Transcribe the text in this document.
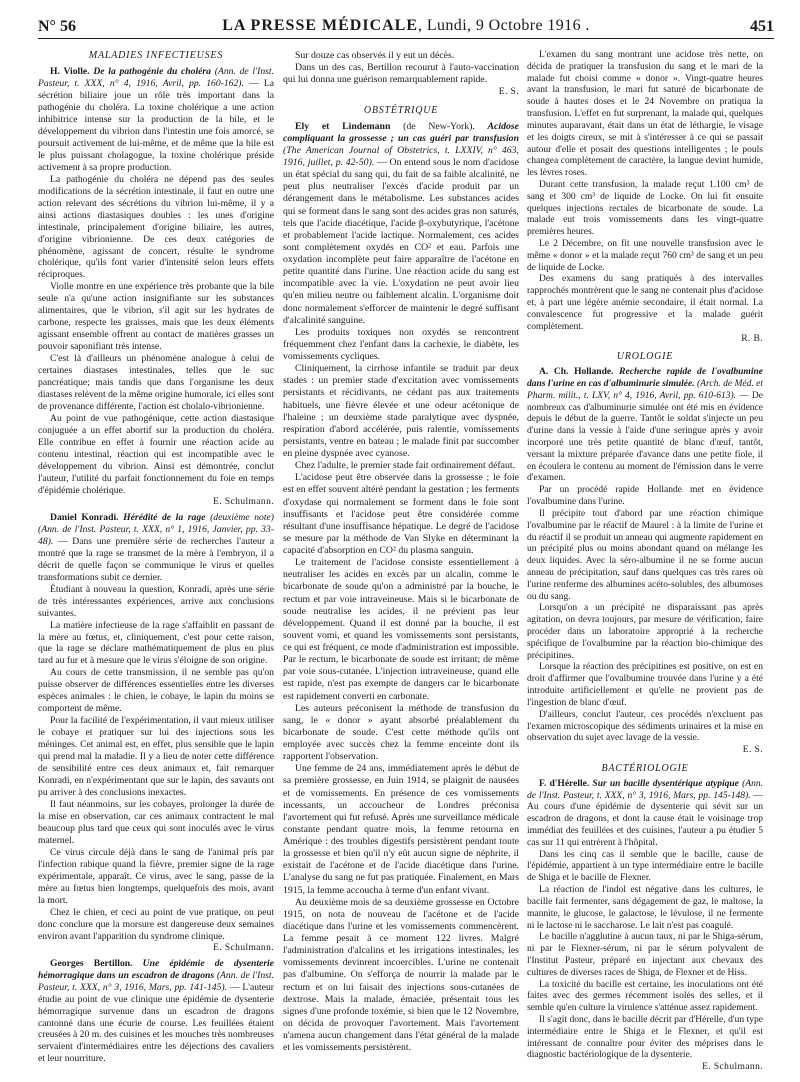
N° 56	LA PRESSE MÉDICALE, Lundi, 9 Octobre 1916 .	451
MALADIES INFECTIEUSES

H. Violle. De la pathogénie du choléra (Ann. de l'Inst. Pasteur, t. XXX, n° 4, 1916, Avril, pp. 160-162). — La sécrétion biliaire joue un rôle très important dans la pathogénie du choléra. La toxine cholérique a une action inhibitrice intense sur la production de la bile, et le développement du vibrion dans l'intestin une fois amorcé, se poursuit activement de lui-même, et de même que la bile est le plus puissant cholagogue, la toxine cholérique préside activement à sa propre production.

La pathogénie du choléra ne dépend pas des seules modifications de la sécrétion intestinale, il faut en outre une action relevant des sécrétions du vibrion lui-même, il y a ainsi actions diastasiques doubles : les unes d'origine intestinale, principalement d'origine biliaire, les autres, d'origine vibrionienne. De ces deux catégories de phénomène, agissant de concert, résulte le syndrome cholérique, qu'ils font varier d'intensité selon leurs effets réciproques.

Violle montre en une expérience très probante que la bile seule n'a qu'une action insignifiante sur les substances alimentaires, que le vibrion, s'il agit sur les hydrates de carbone, respecte les graisses, mais que les deux éléments agissant ensemble offrent au contact de matières grasses un pouvoir saponifiant très intense.

C'est là d'ailleurs un phénomène analogue à celui de certaines diastases intestinales, telles que le suc pancréatique; mais tandis que dans l'organisme les deux diastases relèvent de la même origine humorale, ici elles sont de provenance différente, l'action est cholalo-vibrionienne.

Au point de vue pathogénique, cette action diastasique conjuguée a un effet abortif sur la production du choléra. Elle contribue en effet à fournir une réaction acide au contenu intestinal, réaction qui est incompatible avec le développement du vibrion. Ainsi est démontrée, conclut l'auteur, l'utilité du parfait fonctionnement du foie en temps d'épidémie cholérique.

E. Schulmann.

Daniel Konradi. Hérédité de la rage (deuxième note) (Ann. de l'Inst. Pasteur, t. XXX, n° 1, 1916, Janvier, pp. 33-48). — Dans une première série de recherches l'auteur a montré que la rage se transmet de la mère à l'embryon, il a décrit de quelle façon se communique le virus et quelles transformations subit ce dernier.

Étudiant à nouveau la question, Konradi, après une série de très intéressantes expériences, arrive aux conclusions suivantes.

La matière infectieuse de la rage s'affaiblit en passant de la mère au fœtus, et, cliniquement, c'est pour cette raison, que la rage se déclare mathématiquement de plus en plus tard au fur et à mesure que le virus s'éloigne de son origine.

Au cours de cette transmission, il ne semble pas qu'on puisse observer de différences essentielles entre les diverses espèces animales : le chien, le cobaye, le lapin du moins se comportent de même.

Pour la facilité de l'expérimentation, il vaut mieux utiliser le cobaye et pratiquer sur lui des injections sous les méninges. Cet animal est, en effet, plus sensible que le lapin qui prend mal la maladie. Il y a lieu de noter cette différence de sensibilité entre ces deux animaux et, fait remarquer Konradi, en n'expérimentant que sur le lapin, des savants ont pu arriver à des conclusions inexactes.

Il faut néanmoins, sur les cobayes, prolonger la durée de la mise en observation, car ces animaux contractent le mal beaucoup plus tard que ceux qui sont inoculés avec le virus maternel.

Ce virus circule déjà dans le sang de l'animal pris par l'infection rabique quand la fièvre, premier signe de la rage expérimentale, apparaît. Ce virus, avec le sang, passe de la mère au fœtus bien longtemps, quelquefois des mois, avant la mort.

Chez le chien, et ceci au point de vue pratique, on peut donc conclure que la morsure est dangereuse deux semaines environ avant l'apparition du syndrome clinique.

E. Schulmann.

Georges Bertillon. Une épidémie de dysenterie hémorragique dans un escadron de dragons (Ann. de l'Inst. Pasteur, t. XXX, n° 3, 1916, Mars, pp. 141-145). — L'auteur étudie au point de vue clinique une épidémie de dysenterie hémorragique survenue dans un escadron de dragons cantonné dans une écurie de course. Les feuillées étaient creusées à 20 m. des cuisines et les mouches très nombreuses servaient d'intermédiaires entre les déjections des cavaliers et leur nourriture.

Sur douze cas observés il y eut un décès.

Dans un des cas, Bertillon recourut à l'auto-vaccination qui lui donna une guérison remarquablement rapide.

E. S.

OBSTÉTRIQUE

Ely et Lindemann (de New-York). Acidose compliquant la grossesse ; un cas guéri par transfusion (The American Journal of Obstetrics, t. LXXIV, n° 463, 1916, juillet, p. 42-50). — On entend sous le nom d'acidose un état spécial du sang qui, du fait de sa faible alcalinité, ne peut plus neutraliser l'excès d'acide produit par un dérangement dans le métabolisme. Les substances acides qui se forment dans le sang sont des acides gras non saturés, tels que l'acide diacétique, l'acide β-oxybutyrique, l'acétone et probablement l'acide lactique. Normalement, ces acides sont complètement oxydés en CO² et eau. Parfois une oxydation incomplète peut faire apparaître de l'acétone en petite quantité dans l'urine. Une réaction acide du sang est incompatible avec la vie. L'oxydation ne peut avoir lieu qu'en milieu neutre ou faiblement alcalin. L'organisme doit donc normalement s'efforcer de maintenir le degré suffisant d'alcalinité sanguine.

Les produits toxiques non oxydés se rencontrent fréquemment chez l'enfant dans la cachexie, le diabète, les vomissements cycliques.

Cliniquement, la cirrhose infantile se traduit par deux stades : un premier stade d'excitation avec vomissements persistants et récidivants, ne cédant pas aux traitements habituels, une fièvre élevée et une odeur acétonique de l'haleine ; un deuxième stade paralytique avec dyspnée, respiration d'abord accélérée, puis ralentie, vomissements persistants, ventre en bateau ; le malade finit par succomber en pleine dyspnée avec cyanose.

Chez l'adulte, le premier stade fait ordinairement défaut.

L'acidose peut être observée dans la grossesse ; le foie est en effet souvent altéré pendant la gestation ; les ferments d'oxydase qui normalement se forment dans le foie sont insuffisants et l'acidose peut être considérée comme résultant d'une insuffisance hépatique. Le degré de l'acidose se mesure par la méthode de Van Slyke en déterminant la capacité d'absorption en CO² du plasma sanguin.

Le traitement de l'acidose consiste essentiellement à neutraliser les acides en excès par un alcalin, comme le bicarbonate de soude qu'on a administré par la bouche, le rectum et par voie intraveineuse. Mais si le bicarbonate de soude neutralise les acides, il ne prévient pas leur développement. Quand il est donné par la bouche, il est souvent vomi, et quand les vomissements sont persistants, ce qui est fréquent, ce mode d'administration est impossible. Par le rectum, le bicarbonate de soude est irritant; de même par voie sous-cutanée. L'injection intraveineuse, quand elle est rapide, n'est pas exempte de dangers car le bicarbonate est rapidement converti en carbonate.

Les auteurs préconisent la méthode de transfusion du sang, le « donor » ayant absorbé préalablement du bicarbonate de soude. C'est cette méthode qu'ils ont employée avec succès chez la femme enceinte dont ils rapportent l'observation.

Une femme de 24 ans, immédiatement après le début de sa première grossesse, en Juin 1914, se plaignit de nausées et de vomissements. En présence de ces vomissements incessants, un accoucheur de Londres préconisa l'avortement qui fut refusé. Après une surveillance médicale constante pendant quatre mois, la femme retourna en Amérique : des troubles digestifs persistèrent pendant toute la grossesse et bien qu'il n'y eût aucun signe de néphrite, il existait de l'acétone et de l'acide diacétique dans l'urine. L'analyse du sang ne fut pas pratiquée. Finalement, en Mars 1915, la femme accoucha à terme d'un enfant vivant.

Au deuxième mois de sa deuxième grossesse en Octobre 1915, on nota de nouveau de l'acétone et de l'acide diacétique dans l'urine et les vomissements commencèrent. La femme pesait à ce moment 122 livres. Malgré l'administration d'alcalins et les irrigations intestinales, les vomissements devinrent incoercibles. L'urine ne contenait pas d'albumine. On s'efforça de nourrir la malade par le rectum et on lui faisait des injections sous-cutanées de dextrose. Mais la malade, émaciée, présentait tous les signes d'une profonde toxémie, si bien que le 12 Novembre, on décida de provoquer l'avortement. Mais l'avortement n'amena aucun changement dans l'état général de la malade et les vomissements persistèrent.

L'examen du sang montrant une acidose très nette, on décida de pratiquer la transfusion du sang et le mari de la malade fut choisi comme « donor ». Vingt-quatre heures avant la transfusion, le mari fut saturé de bicarbonate de soude à hautes doses et le 24 Novembre on pratiqua la transfusion. L'effet en fut surprenant, la malade qui, quelques minutes auparavant, était dans un état de léthargie, le visage et les doigts cireux, se mit à s'intéresser à ce qui se passait autour d'elle et posait des questions intelligentes ; le pouls changea complètement de caractère, la langue devint humide, les lèvres roses.

Durant cette transfusion, la malade reçut 1.100 cm³ de sang et 300 cm³ de liquide de Locke. On lui fit ensuite quelques injections rectales de bicarbonate de soude. La malade eut trois vomissements dans les vingt-quatre premières heures.

Le 2 Décembre, on fit une nouvelle transfusion avec le même « donor » et la malade reçut 760 cm³ de sang et un peu de liquide de Locke.

Des examens du sang pratiqués à des intervalles rapprochés montrèrent que le sang ne contenait plus d'acidose et, à part une légère anémie secondaire, il était normal. La convalescence fut progressive et la malade guérit complètement.

R. B.

UROLOGIE

A. Ch. Hollande. Recherche rapide de l'ovalbumine dans l'urine en cas d'albuminurie simulée. (Arch. de Méd. et Pharm. milit., t. LXV, n° 4, 1916, Avril, pp. 610-613). — De nombreux cas d'albuminurie simulée ont été mis en évidence depuis le début de la guerre. Tantôt le soldat s'injecte un peu d'urine dans la vessie à l'aide d'une seringue après y avoir incorporé une très petite quantité de blanc d'œuf, tantôt, versant la mixture préparée d'avance dans une petite fiole, il en écoulera le contenu au moment de l'émission dans le verre d'examen.

Par un procédé rapide Hollande met en évidence l'ovalbumine dans l'urine.

Il précipite tout d'abord par une réaction chimique l'ovalbumine par le réactif de Maurel : à la limite de l'urine et du réactif il se produit un anneau qui augmente rapidement en un précipité plus ou moins abondant quand on mélange les deux liquides. Avec la séro-albumine il ne se forme aucun anneau de précipitation, sauf dans quelques cas très rares où l'urine renferme des albumines acéto-solubles, des albumoses ou du sang.

Lorsqu'on a un précipité ne disparaissant pas après agitation, on devra toujours, par mesure de vérification, faire procéder dans un laboratoire approprié à la recherche spécifique de l'ovalbumine par la réaction bio-chimique des précipitines.

Lorsque la réaction des précipitines est positive, on est en droit d'affirmer que l'ovalbumine trouvée dans l'urine y a été introduite artificiellement et qu'elle ne provient pas de l'ingestion de blanc d'œuf.

D'ailleurs, conclut l'auteur, ces procédés n'excluent pas l'examen microscopique des sédiments urinaires et la mise en observation du sujet avec lavage de la vessie.

E. S.

BACTÉRIOLOGIE

F. d'Hérelle. Sur un bacille dysentérique atypique (Ann. de l'Inst. Pasteur, t. XXX, n° 3, 1916, Mars, pp. 145-148). — Au cours d'une épidémie de dysenterie qui sévit sur un escadron de dragons, et dont la cause était le voisinage trop immédiat des feuillées et des cuisines, l'auteur a pu étudier 5 cas sur 11 qui entrèrent à l'hôpital.

Dans les cinq cas il semble que le bacille, cause de l'épidémie, appartient à un type intermédiaire entre le bacille de Shiga et le bacille de Flexner.

La réaction de l'indol est négative dans les cultures, le bacille fait fermenter, sans dégagement de gaz, le maltose, la mannite, le glucose, le galactose, le lévulose, il ne fermente ni le lactose ni le saccharose. Le lait n'est pas coagulé.

Le bacille n'agglutine à aucun taux, ni par le Shiga-sérum, ni par le Flexner-sérum, ni par le sérum polyvalent de l'Institut Pasteur, préparé en injectant aux chevaux des cultures de diverses races de Shiga, de Flexner et de Hiss.

La toxicité du bacille est certaine, les inoculations ont été faites avec des germes récemment isolés des selles, et il semble qu'en culture la virulence s'atténue assez rapidement.

Il s'agit donc, dans le bacille décrit par d'Hérelle, d'un type intermédiaire entre le Shiga et le Flexner, et qu'il est intéressant de connaître pour éviter des méprises dans le diagnostic bactériologique de la dysenterie.

E. Schulmann.
